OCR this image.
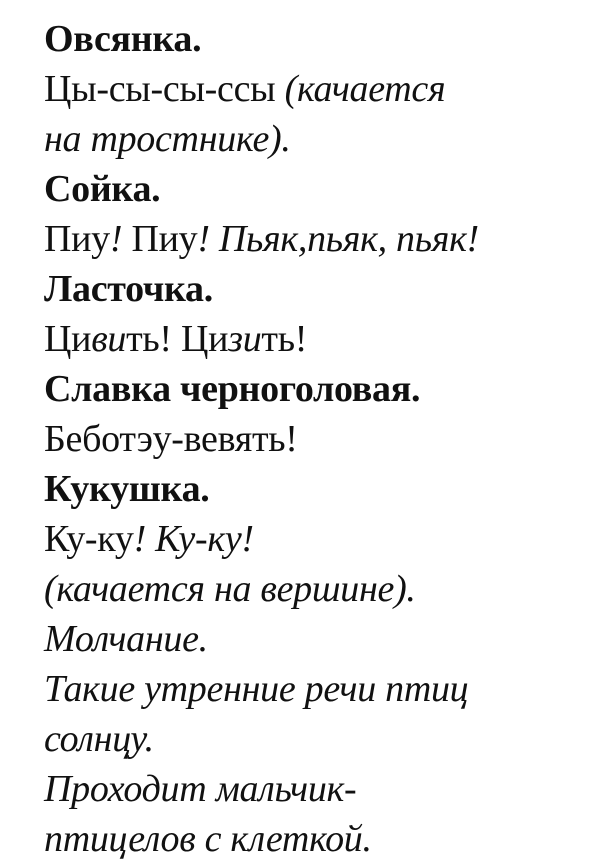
Овсянка.
Цы-сы-сы-ссы (качается
на тростнике).
Сойка.
Пиу! Пиу! Пьяк,пьяк, пьяк!
Ласточка.
Цивить! Цизить!
Славка черноголовая.
Беботэу-вевять!
Кукушка.
Ку-ку! Ку-ку!
(качается на вершине).
Молчание.
Такие утренние речи птиц
солнцу.
Проходит мальчик-
птицелов с клеткой.
